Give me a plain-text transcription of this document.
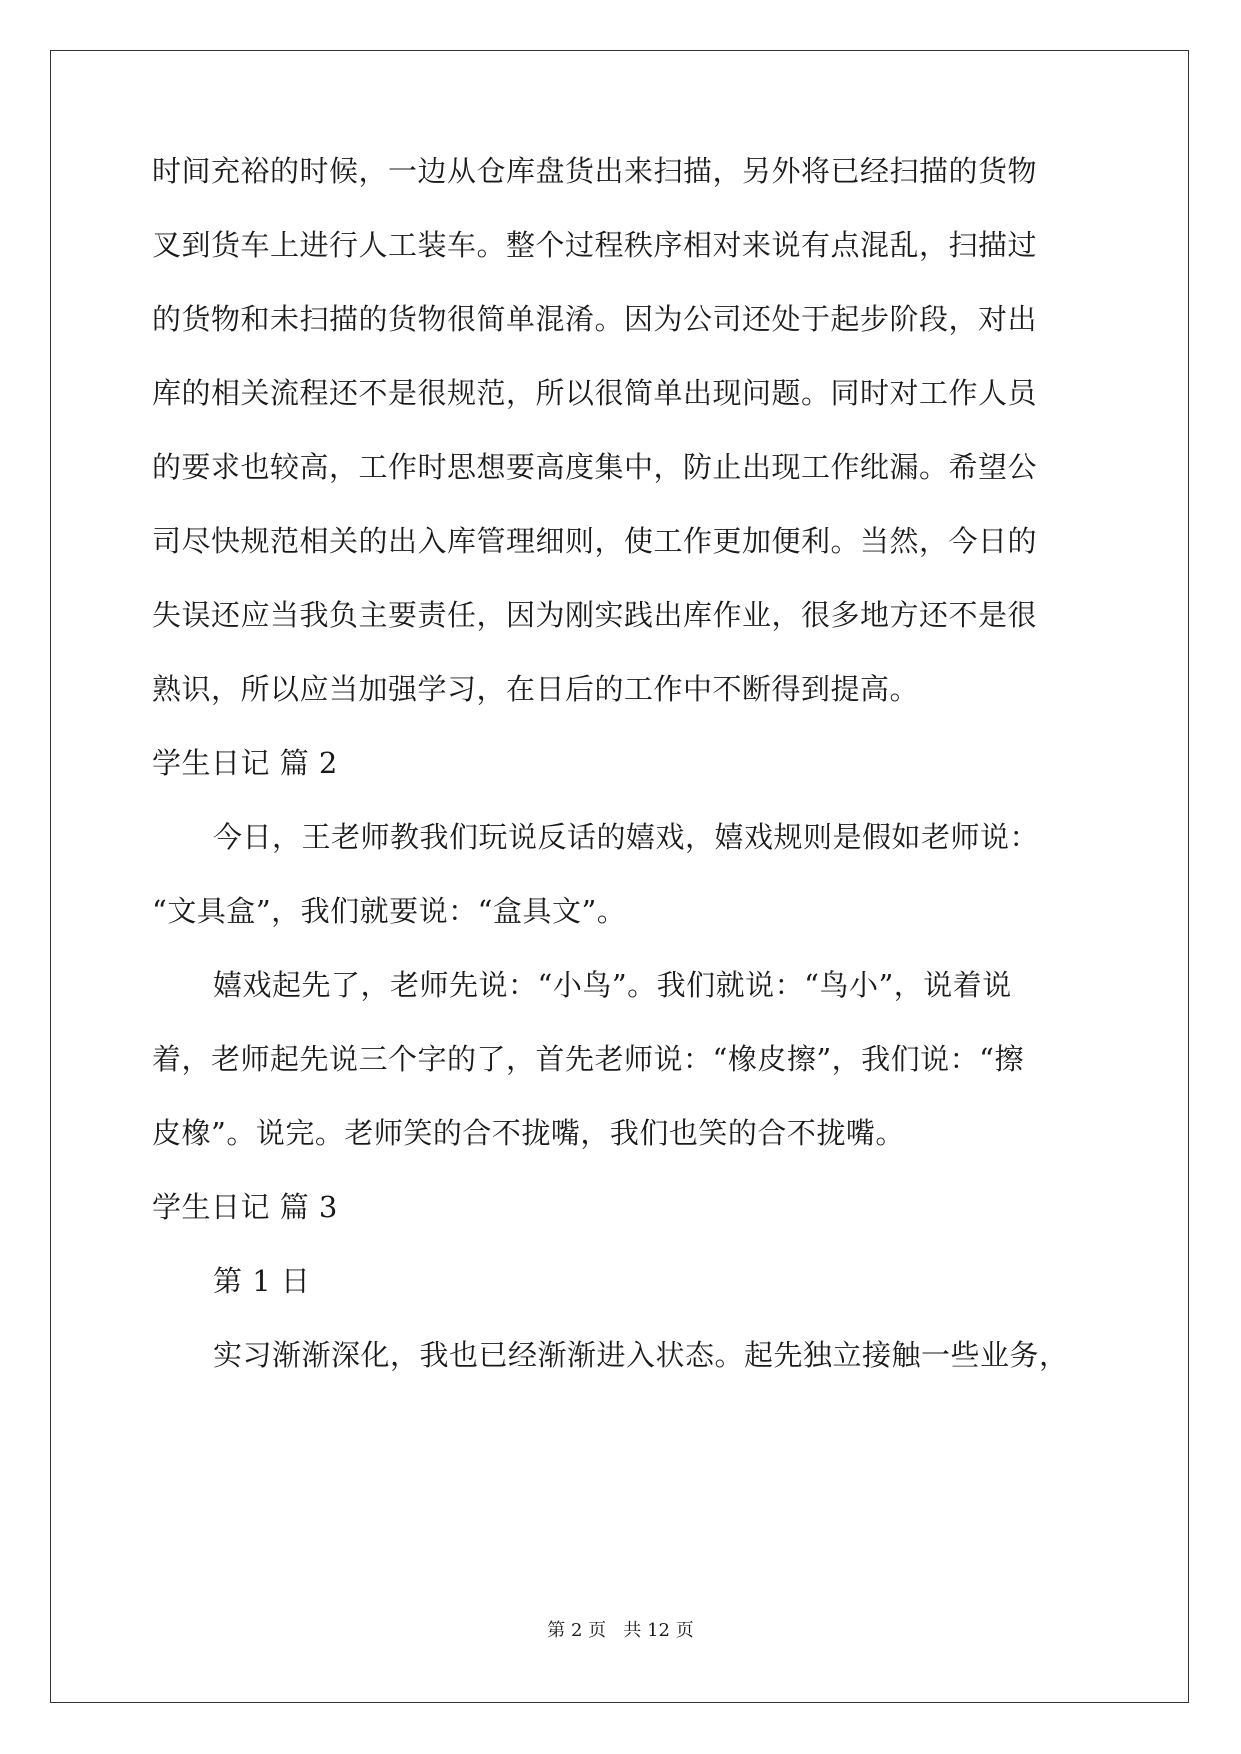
时间充裕的时候，一边从仓库盘货出来扫描，另外将已经扫描的货物

叉到货车上进行人工装车。整个过程秩序相对来说有点混乱，扫描过

的货物和未扫描的货物很简单混淆。因为公司还处于起步阶段，对出

库的相关流程还不是很规范，所以很简单出现问题。同时对工作人员

的要求也较高，工作时思想要高度集中，防止出现工作纰漏。希望公

司尽快规范相关的出入库管理细则，使工作更加便利。当然，今日的

失误还应当我负主要责任，因为刚实践出库作业，很多地方还不是很

熟识，所以应当加强学习，在日后的工作中不断得到提高。

学生日记 篇 2

今日，王老师教我们玩说反话的嬉戏，嬉戏规则是假如老师说：

“文具盒”，我们就要说：“盒具文”。

嬉戏起先了，老师先说：“小鸟”。我们就说：“鸟小”，说着说

着，老师起先说三个字的了，首先老师说：“橡皮擦”，我们说：“擦

皮橡”。说完。老师笑的合不拢嘴，我们也笑的合不拢嘴。

学生日记 篇 3

第 1 日

实习渐渐深化，我也已经渐渐进入状态。起先独立接触一些业务，

第 2 页   共 12 页
